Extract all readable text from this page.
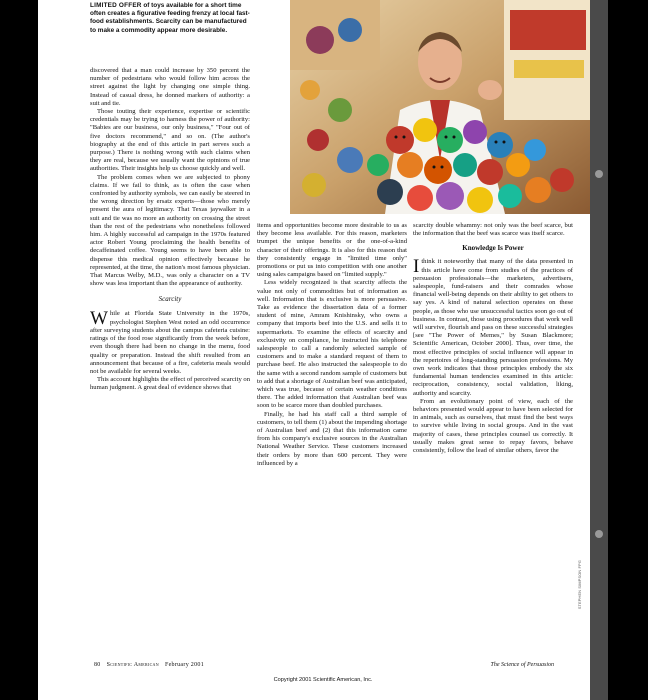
LIMITED OFFER of toys available for a short time often creates a figurative feeding frenzy at local fast-food establishments. Scarcity can be manufactured to make a commodity appear more desirable.

discovered that a man could increase by 350 percent the number of pedestrians who would follow him across the street against the light by changing one simple thing. Instead of casual dress, he donned markers of authority: a suit and tie.

Those touting their experience, expertise or scientific credentials may be trying to harness the power of authority: "Babies are our business, our only business," "Four out of five doctors recommend," and so on. (The author's biography at the end of this article in part serves such a purpose.) There is nothing wrong with such claims when they are real, because we usually want the opinions of true authorities. Their insights help us choose quickly and well.

The problem comes when we are subjected to phony claims. If we fail to think, as is often the case when confronted by authority symbols, we can easily be steered in the wrong direction by ersatz experts—those who merely present the aura of legitimacy. That Texas jaywalker in a suit and tie was no more an authority on crossing the street than the rest of the pedestrians who nonetheless followed him. A highly successful ad campaign in the 1970s featured actor Robert Young proclaiming the health benefits of decaffeinated coffee. Young seems to have been able to dispense this medical opinion effectively because he represented, at the time, the nation's most famous physician. That Marcus Welby, M.D., was only a character on a TV show was less important than the appearance of authority.

Scarcity

While at Florida State University in the 1970s, psychologist Stephen West noted an odd occurrence after surveying students about the campus cafeteria cuisine: ratings of the food rose significantly from the week before, even though there had been no change in the menu, food quality or preparation. Instead the shift resulted from an announcement that because of a fire, cafeteria meals would not be available for several weeks.

This account highlights the effect of perceived scarcity on human judgment. A great deal of evidence shows that

items and opportunities become more desirable to us as they become less available. For this reason, marketers trumpet the unique benefits or the one-of-a-kind character of their offerings. It is also for this reason that they consistently engage in "limited time only" promotions or put us into competition with one another using sales campaigns based on "limited supply."

Less widely recognized is that scarcity affects the value not only of commodities but of information as well. Information that is exclusive is more persuasive. Take as evidence the dissertation data of a former student of mine, Amram Knishinsky, who owns a company that imports beef into the U.S. and sells it to supermarkets. To examine the effects of scarcity and exclusivity on compliance, he instructed his telephone salespeople to call a randomly selected sample of customers and to make a standard request of them to purchase beef. He also instructed the salespeople to do the same with a second random sample of customers but to add that a shortage of Australian beef was anticipated, which was true, because of certain weather conditions there. The added information that Australian beef was soon to be scarce more than doubled purchases.

Finally, he had his staff call a third sample of customers, to tell them (1) about the impending shortage of Australian beef and (2) that this information came from his company's exclusive sources in the Australian National Weather Service. These customers increased their orders by more than 600 percent. They were influenced by a

scarcity double whammy: not only was the beef scarce, but the information that the beef was scarce was itself scarce.

Knowledge Is Power

Ithink it noteworthy that many of the data presented in this article have come from studies of the practices of persuasion professionals—the marketers, advertisers, salespeople, fund-raisers and their comrades whose financial well-being depends on their ability to get others to say yes. A kind of natural selection operates on these people, as those who use unsuccessful tactics soon go out of business. In contrast, those using procedures that work well will survive, flourish and pass on these successful strategies [see "The Power of Memes," by Susan Blackmore; Scientific American, October 2000]. Thus, over time, the most effective principles of social influence will appear in the repertoires of long-standing persuasion professions. My own work indicates that those principles embody the six fundamental human tendencies examined in this article: reciprocation, consistency, social validation, liking, authority and scarcity.

From an evolutionary point of view, each of the behaviors presented would appear to have been selected for in animals, such as ourselves, that must find the best ways to survive while living in social groups. And in the vast majority of cases, these principles counsel us correctly. It usually makes great sense to repay favors, behave consistently, follow the lead of similar others, favor the

STEPHEN SIMPSON FPG
80 Scientific American February 2001	The Science of Persuasion
Copyright 2001 Scientific American, Inc.
